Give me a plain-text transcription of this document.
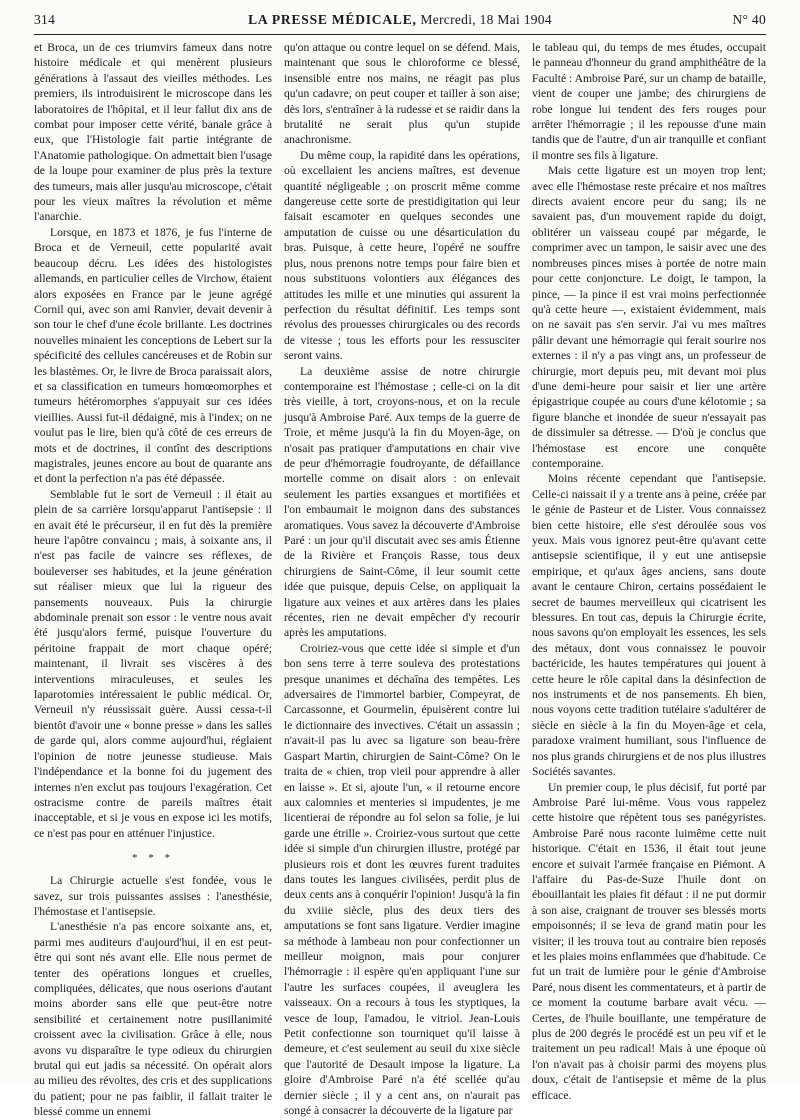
314	LA PRESSE MÉDICALE, Mercredi, 18 Mai 1904	N° 40

et Broca, un de ces triumvirs fameux dans notre histoire médicale et qui menèrent plusieurs générations à l'assaut des vieilles méthodes. Les premiers, ils introduisirent le microscope dans les laboratoires de l'hôpital, et il leur fallut dix ans de combat pour imposer cette vérité, banale grâce à eux, que l'Histologie fait partie intégrante de l'Anatomie pathologique. On admettait bien l'usage de la loupe pour examiner de plus près la texture des tumeurs, mais aller jusqu'au microscope, c'était pour les vieux maîtres la révolution et même l'anarchie.

Lorsque, en 1873 et 1876, je fus l'interne de Broca et de Verneuil, cette popularité avait beaucoup décru. Les idées des histologistes allemands, en particulier celles de Virchow, étaient alors exposées en France par le jeune agrégé Cornil qui, avec son ami Ranvier, devait devenir à son tour le chef d'une école brillante. Les doctrines nouvelles minaient les conceptions de Lebert sur la spécificité des cellules cancéreuses et de Robin sur les blastèmes. Or, le livre de Broca paraissait alors, et sa classification en tumeurs homœomorphes et tumeurs hétéromorphes s'appuyait sur ces idées vieillies. Aussi fut-il dédaigné, mis à l'index; on ne voulut pas le lire, bien qu'à côté de ces erreurs de mots et de doctrines, il contînt des descriptions magistrales, jeunes encore au bout de quarante ans et dont la perfection n'a pas été dépassée.

Semblable fut le sort de Verneuil : il était au plein de sa carrière lorsqu'apparut l'antisepsie : il en avait été le précurseur, il en fut dès la première heure l'apôtre convaincu ; mais, à soixante ans, il n'est pas facile de vaincre ses réflexes, de bouleverser ses habitudes, et la jeune génération sut réaliser mieux que lui la rigueur des pansements nouveaux. Puis la chirurgie abdominale prenait son essor : le ventre nous avait été jusqu'alors fermé, puisque l'ouverture du péritoine frappait de mort chaque opéré; maintenant, il livrait ses viscères à des interventions miraculeuses, et seules les laparotomies intéressaient le public médical. Or, Verneuil n'y réussissait guère. Aussi cessa-t-il bientôt d'avoir une « bonne presse » dans les salles de garde qui, alors comme aujourd'hui, réglaient l'opinion de notre jeunesse studieuse. Mais l'indépendance et la bonne foi du jugement des internes n'en exclut pas toujours l'exagération. Cet ostracisme contre de pareils maîtres était inacceptable, et si je vous en expose ici les motifs, ce n'est pas pour en atténuer l'injustice.

* * *

La Chirurgie actuelle s'est fondée, vous le savez, sur trois puissantes assises : l'anesthésie, l'hémostase et l'antisepsie.

L'anesthésie n'a pas encore soixante ans, et, parmi mes auditeurs d'aujourd'hui, il en est peut-être qui sont nés avant elle. Elle nous permet de tenter des opérations longues et cruelles, compliquées, délicates, que nous oserions d'autant moins aborder sans elle que peut-être notre sensibilité et certainement notre pusillanimité croissent avec la civilisation. Grâce à elle, nous avons vu disparaître le type odieux du chirurgien brutal qui eut jadis sa nécessité. On opérait alors au milieu des révoltes, des cris et des supplications du patient; pour ne pas faiblir, il fallait traiter le blessé comme un ennemi

qu'on attaque ou contre lequel on se défend. Mais, maintenant que sous le chloroforme ce blessé, insensible entre nos mains, ne réagit pas plus qu'un cadavre, on peut couper et tailler à son aise; dès lors, s'entraîner à la rudesse et se raidir dans la brutalité ne serait plus qu'un stupide anachronisme.

Du même coup, la rapidité dans les opérations, où excellaient les anciens maîtres, est devenue quantité négligeable ; on proscrit même comme dangereuse cette sorte de prestidigitation qui leur faisait escamoter en quelques secondes une amputation de cuisse ou une désarticulation du bras. Puisque, à cette heure, l'opéré ne souffre plus, nous prenons notre temps pour faire bien et nous substituons volontiers aux élégances des attitudes les mille et une minuties qui assurent la perfection du résultat définitif. Les temps sont révolus des prouesses chirurgicales ou des records de vitesse ; tous les efforts pour les ressusciter seront vains.

La deuxième assise de notre chirurgie contemporaine est l'hémostase ; celle-ci on la dit très vieille, à tort, croyons-nous, et on la recule jusqu'à Ambroise Paré. Aux temps de la guerre de Troie, et même jusqu'à la fin du Moyen-âge, on n'osait pas pratiquer d'amputations en chair vive de peur d'hémorragie foudroyante, de défaillance mortelle comme on disait alors : on enlevait seulement les parties exsangues et mortifiées et l'on embaumait le moignon dans des substances aromatiques. Vous savez la découverte d'Ambroise Paré : un jour qu'il discutait avec ses amis Étienne de la Rivière et François Rasse, tous deux chirurgiens de Saint-Côme, il leur soumit cette idée que puisque, depuis Celse, on appliquait la ligature aux veines et aux artères dans les plaies récentes, rien ne devait empêcher d'y recourir après les amputations.

Croiriez-vous que cette idée si simple et d'un bon sens terre à terre souleva des protestations presque unanimes et déchaîna des tempêtes. Les adversaires de l'immortel barbier, Compeyrat, de Carcassonne, et Gourmelin, épuisèrent contre lui le dictionnaire des invectives. C'était un assassin ; n'avait-il pas lu avec sa ligature son beau-frère Gaspart Martin, chirurgien de Saint-Côme? On le traita de « chien, trop vieil pour apprendre à aller en laisse ». Et si, ajoute l'un, « il retourne encore aux calomnies et menteries si impudentes, je me licentierai de répondre au fol selon sa folie, je lui garde une étrille ». Croiriez-vous surtout que cette idée si simple d'un chirurgien illustre, protégé par plusieurs rois et dont les œuvres furent traduites dans toutes les langues civilisées, perdit plus de deux cents ans à conquérir l'opinion! Jusqu'à la fin du xviiie siècle, plus des deux tiers des amputations se font sans ligature. Verdier imagine sa méthode à lambeau non pour confectionner un meilleur moignon, mais pour conjurer l'hémorragie : il espère qu'en appliquant l'une sur l'autre les surfaces coupées, il aveuglera les vaisseaux. On a recours à tous les styptiques, la vesce de loup, l'amadou, le vitriol. Jean-Louis Petit confectionne son tourniquet qu'il laisse à demeure, et c'est seulement au seuil du xixe siècle que l'autorité de Desault impose la ligature. La gloire d'Ambroise Paré n'a été scellée qu'au dernier siècle ; il y a cent ans, on n'aurait pas songé à consacrer la découverte de la ligature par

le tableau qui, du temps de mes études, occupait le panneau d'honneur du grand amphithéâtre de la Faculté : Ambroise Paré, sur un champ de bataille, vient de couper une jambe; des chirurgiens de robe longue lui tendent des fers rouges pour arrêter l'hémorragie ; il les repousse d'une main tandis que de l'autre, d'un air tranquille et confiant il montre ses fils à ligature.

Mais cette ligature est un moyen trop lent; avec elle l'hémostase reste précaire et nos maîtres directs avaient encore peur du sang; ils ne savaient pas, d'un mouvement rapide du doigt, oblitérer un vaisseau coupé par mégarde, le comprimer avec un tampon, le saisir avec une des nombreuses pinces mises à portée de notre main pour cette conjoncture. Le doigt, le tampon, la pince, — la pince il est vrai moins perfectionnée qu'à cette heure —, existaient évidemment, mais on ne savait pas s'en servir. J'ai vu mes maîtres pâlir devant une hémorragie qui ferait sourire nos externes : il n'y a pas vingt ans, un professeur de chirurgie, mort depuis peu, mit devant moi plus d'une demi-heure pour saisir et lier une artère épigastrique coupée au cours d'une kélotomie ; sa figure blanche et inondée de sueur n'essayait pas de dissimuler sa détresse. — D'où je conclus que l'hémostase est encore une conquête contemporaine.

Moins récente cependant que l'antisepsie. Celle-ci naissait il y a trente ans à peine, créée par le génie de Pasteur et de Lister. Vous connaissez bien cette histoire, elle s'est déroulée sous vos yeux. Mais vous ignorez peut-être qu'avant cette antisepsie scientifique, il y eut une antisepsie empirique, et qu'aux âges anciens, sans doute avant le centaure Chiron, certains possédaient le secret de baumes merveilleux qui cicatrisent les blessures. En tout cas, depuis la Chirurgie écrite, nous savons qu'on employait les essences, les sels des métaux, dont vous connaissez le pouvoir bactéricide, les hautes températures qui jouent à cette heure le rôle capital dans la désinfection de nos instruments et de nos pansements. Eh bien, nous voyons cette tradition tutélaire s'adultérer de siècle en siècle à la fin du Moyen-âge et cela, paradoxe vraiment humiliant, sous l'influence de nos plus grands chirurgiens et de nos plus illustres Sociétés savantes.

Un premier coup, le plus décisif, fut porté par Ambroise Paré lui-même. Vous vous rappelez cette histoire que répètent tous ses panégyristes. Ambroise Paré nous raconte luimême cette nuit historique. C'était en 1536, il était tout jeune encore et suivait l'armée française en Piémont. A l'affaire du Pas-de-Suze l'huile dont on ébouillantait les plaies fit défaut : il ne put dormir à son aise, craignant de trouver ses blessés morts empoisonnés; il se leva de grand matin pour les visiter; il les trouva tout au contraire bien reposés et les plaies moins enflammées que d'habitude. Ce fut un trait de lumière pour le génie d'Ambroise Paré, nous disent les commentateurs, et à partir de ce moment la coutume barbare avait vécu. — Certes, de l'huile bouillante, une température de plus de 200 degrés le procédé est un peu vif et le traitement un peu radical! Mais à une époque où l'on n'avait pas à choisir parmi des moyens plus doux, c'était de l'antisepsie et même de la plus efficace.
